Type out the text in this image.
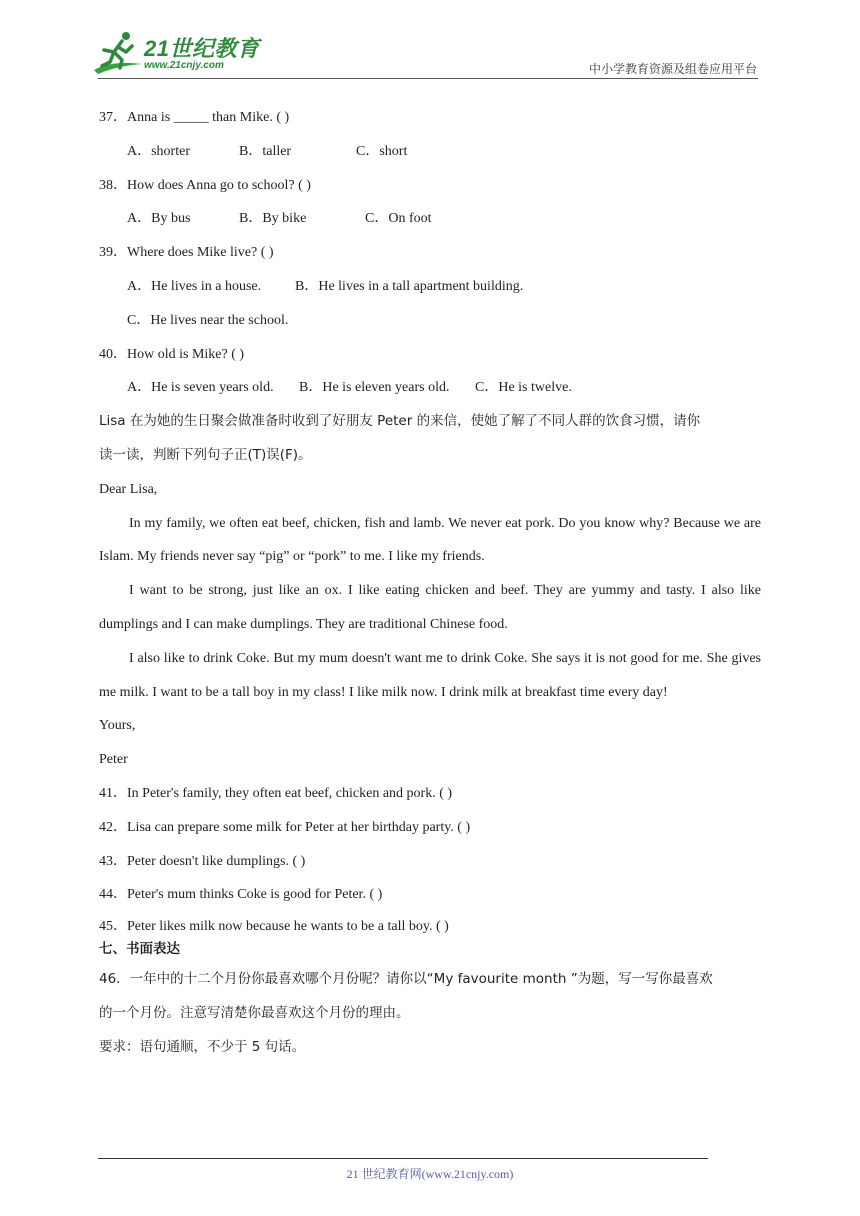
21世纪教育
www.21cnjy.com	中小学教育资源及组卷应用平台
37．Anna is _____ than Mike. ( )
A．shorter	B．taller	C．short
38．How does Anna go to school? ( )
A．By bus	B．By bike	C．On foot
39．Where does Mike live? ( )
A．He lives in a house. B．He lives in a tall apartment building.
C．He lives near the school.
40．How old is Mike? ( )
A．He is seven years old. B．He is eleven years old. C．He is twelve.
Lisa 在为她的生日聚会做准备时收到了好朋友 Peter 的来信，使她了解了不同人群的饮食习惯，请你
读一读，判断下列句子正(T)误(F)。
Dear Lisa,
In my family, we often eat beef, chicken, fish and lamb. We never eat pork. Do you know why? Because we are Islam. My friends never say “pig” or “pork” to me. I like my friends.
I want to be strong, just like an ox. I like eating chicken and beef. They are yummy and tasty. I also like dumplings and I can make dumplings. They are traditional Chinese food.
I also like to drink Coke. But my mum doesn't want me to drink Coke. She says it is not good for me. She gives me milk. I want to be a tall boy in my class! I like milk now. I drink milk at breakfast time every day!
Yours,
Peter
41．In Peter's family, they often eat beef, chicken and pork. ( )
42．Lisa can prepare some milk for Peter at her birthday party. ( )
43．Peter doesn't like dumplings. ( )
44．Peter's mum thinks Coke is good for Peter. ( )
45．Peter likes milk now because he wants to be a tall boy. ( )
七、书面表达
46．一年中的十二个月份你最喜欢哪个月份呢？请你以“My favourite month ”为题，写一写你最喜欢
的一个月份。注意写清楚你最喜欢这个月份的理由。
要求：语句通顺，不少于 5 句话。
21 世纪教育网(www.21cnjy.com)
